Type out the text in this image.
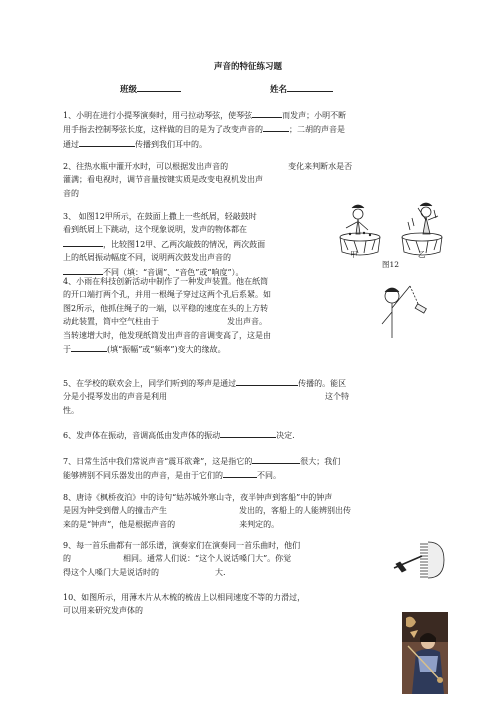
声音的特征练习题
班级	姓名

1、小明在进行小提琴演奏时，用弓拉动琴弦，使琴弦	而发声；小明不断

用手指去控制琴弦长度，这样做的目的是为了改变声音的	；二胡的声音是

通过	传播到我们耳中的。

2、往热水瓶中灌开水时，可以根据发出声音的	变化来判断水是否

灌满；看电视时，调节音量按键实质是改变电视机发出声

音的

3、 如图12甲所示，在鼓面上撒上一些纸屑，轻敲鼓时

看到纸屑上下跳动，这个现象说明，发声的物体都在

，比较图12甲、乙两次敲鼓的情况，两次鼓面

上的纸屑振动幅度不同，说明两次鼓发出声音的

不同（填：“音调”、“音色”或“响度”）。

甲	乙
图12

4、小雨在科技创新活动中制作了一种发声装置。他在纸筒

的开口端打两个孔，并用一根绳子穿过这两个孔后系紧。如

图2所示，他抓住绳子的一端，以平稳的速度在头的上方转

动此装置，筒中空气柱由于	发出声音。

当转速增大时，他发现纸筒发出声音的音调变高了，这是由

于	(填“振幅”或“频率”)变大的缘故。

5、在学校的联欢会上，同学们听到的琴声是通过	传播的。能区

分是小提琴发出的声音是利用	这个特

性。

6、发声体在振动，音调高低由发声体的振动	决定.

7、日常生活中我们常说声音“震耳欲聋”，这是指它的	很大；我们

能够辨别不同乐器发出的声音，是由于它们的	不同。

8、唐诗《枫桥夜泊》中的诗句“姑苏城外寒山寺，夜半钟声到客船”中的钟声

是因为钟受到僧人的撞击产生	发出的，客船上的人能辨别出传

来的是“钟声”，他是根据声音的	来判定的。

9、每一首乐曲都有一部乐谱，演奏家们在演奏同一首乐曲时，他们

的	相同。通常人们说：“这个人说话嗓门大”。你觉

得这个人嗓门大是说话时的	大.

10、如图所示，用薄木片从木梳的梳齿上以相同速度不等的力滑过，

可以用来研究发声体的
